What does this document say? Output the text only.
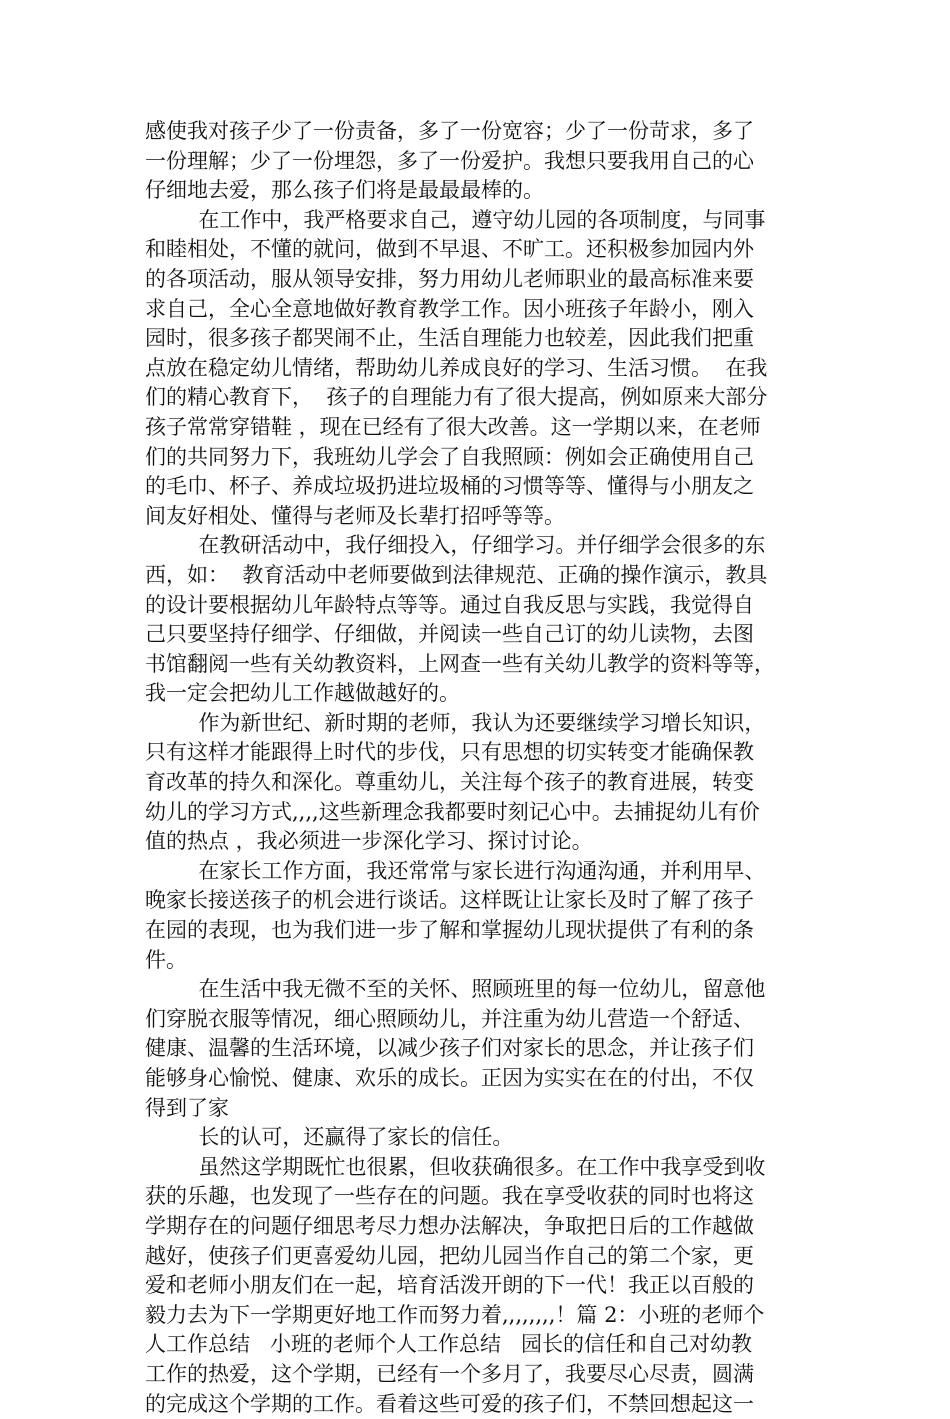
感使我对孩子少了一份责备，多了一份宽容；少了一份苛求，多了
一份理解；少了一份埋怨，多了一份爱护。我想只要我用自己的心
仔细地去爱，那么孩子们将是最最最棒的。
在工作中，我严格要求自己，遵守幼儿园的各项制度，与同事
和睦相处，不懂的就问，做到不早退、不旷工。还积极参加园内外
的各项活动，服从领导安排，努力用幼儿老师职业的最高标准来要
求自己，全心全意地做好教育教学工作。因小班孩子年龄小，刚入
园时，很多孩子都哭闹不止，生活自理能力也较差，因此我们把重
点放在稳定幼儿情绪，帮助幼儿养成良好的学习、生活习惯。  在我
们的精心教育下，  孩子的自理能力有了很大提高，例如原来大部分
孩子常常穿错鞋 ，现在已经有了很大改善。这一学期以来，在老师
们的共同努力下，我班幼儿学会了自我照顾：例如会正确使用自己
的毛巾、杯子、养成垃圾扔进垃圾桶的习惯等等、懂得与小朋友之
间友好相处、懂得与老师及长辈打招呼等等。
在教研活动中，我仔细投入，仔细学习。并仔细学会很多的东
西，如：  教育活动中老师要做到法律规范、正确的操作演示，教具
的设计要根据幼儿年龄特点等等。通过自我反思与实践，我觉得自
己只要坚持仔细学、仔细做，并阅读一些自己订的幼儿读物，去图
书馆翻阅一些有关幼教资料，上网查一些有关幼儿教学的资料等等，
我一定会把幼儿工作越做越好的。
作为新世纪、新时期的老师，我认为还要继续学习增长知识，
只有这样才能跟得上时代的步伐，只有思想的切实转变才能确保教
育改革的持久和深化。尊重幼儿，关注每个孩子的教育进展，转变
幼儿的学习方式,,,,这些新理念我都要时刻记心中。去捕捉幼儿有价
值的热点 ，我必须进一步深化学习、探讨讨论。
在家长工作方面，我还常常与家长进行沟通沟通，并利用早、
晚家长接送孩子的机会进行谈话。这样既让让家长及时了解了孩子
在园的表现，也为我们进一步了解和掌握幼儿现状提供了有利的条
件。
在生活中我无微不至的关怀、照顾班里的每一位幼儿，留意他
们穿脱衣服等情况，细心照顾幼儿，并注重为幼儿营造一个舒适、
健康、温馨的生活环境，以减少孩子们对家长的思念，并让孩子们
能够身心愉悦、健康、欢乐的成长。正因为实实在在的付出，不仅
得到了家
长的认可，还赢得了家长的信任。
虽然这学期既忙也很累，但收获确很多。在工作中我享受到收
获的乐趣，也发现了一些存在的问题。我在享受收获的同时也将这
学期存在的问题仔细思考尽力想办法解决，争取把日后的工作越做
越好，使孩子们更喜爱幼儿园，把幼儿园当作自己的第二个家，更
爱和老师小朋友们在一起，培育活泼开朗的下一代！我正以百般的
毅力去为下一学期更好地工作而努力着,,,,,,,,！篇 2：小班的老师个
人工作总结   小班的老师个人工作总结   园长的信任和自己对幼教
工作的热爱，这个学期，已经有一个多月了，我要尽心尽责，圆满
的完成这个学期的工作。看着这些可爱的孩子们，不禁回想起这一
